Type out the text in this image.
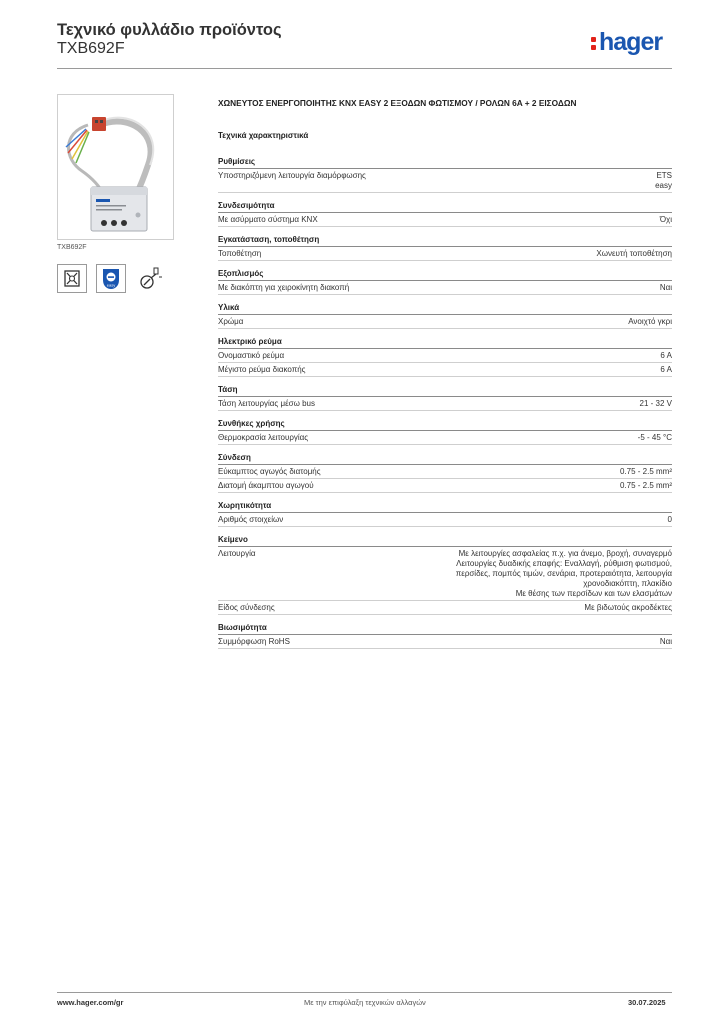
Τεχνικό φυλλάδιο προϊόντος
TXB692F	hager
TXB692F
easy
ΧΩΝΕΥΤΟΣ ΕΝΕΡΓΟΠΟΙΗΤΗΣ KNX EASY 2 ΕΞΟΔΩΝ ΦΩΤΙΣΜΟΥ / ΡΟΛΩΝ 6A + 2 ΕΙΣΟΔΩΝ
Τεχνικά χαρακτηριστικά
Ρυθμίσεις
Υποστηριζόμενη λειτουργία διαμόρφωσης	ETS
easy
Συνδεσιμότητα
Με ασύρματο σύστημα KNX	Όχι
Εγκατάσταση, τοποθέτηση
Τοποθέτηση	Χωνευτή τοποθέτηση
Εξοπλισμός
Με διακόπτη για χειροκίνητη διακοπή	Ναι
Υλικά
Χρώμα	Ανοιχτό γκρι
Ηλεκτρικό ρεύμα
Ονομαστικό ρεύμα	6 A
Μέγιστο ρεύμα διακοπής	6 A
Τάση
Τάση λειτουργίας μέσω bus	21 - 32 V
Συνθήκες χρήσης
Θερμοκρασία λειτουργίας	-5 - 45 °C
Σύνδεση
Εύκαμπτος αγωγός διατομής	0.75 - 2.5 mm²
Διατομή άκαμπτου αγωγού	0.75 - 2.5 mm²
Χωρητικότητα
Αριθμός στοιχείων	0
Κείμενο
Λειτουργία	Με λειτουργίες ασφαλείας π.χ. για άνεμο, βροχή, συναγερμό
Λειτουργίες δυαδικής επαφής: Εναλλαγή, ρύθμιση φωτισμού,
περσίδες, πομπός τιμών, σενάρια, προτεραιότητα, λειτουργία
χρονοδιακόπτη, πλακίδιο
Με θέσης των περσίδων και των ελασμάτων
Είδος σύνδεσης	Με βιδωτούς ακροδέκτες
Βιωσιμότητα
Συμμόρφωση RoHS	Ναι
www.hager.com/gr	Με την επιφύλαξη τεχνικών αλλαγών	30.07.2025
